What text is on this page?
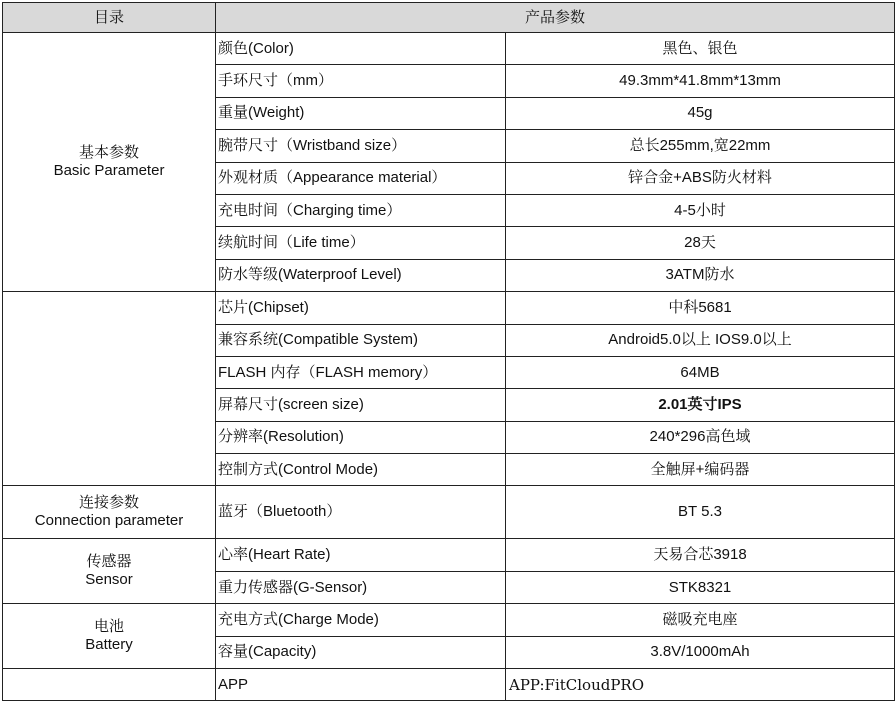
目录	产品参数	

基本参数
Basic Parameter	颜色(Color)	黑色、银色
	手环尺寸（mm）	49.3mm*41.8mm*13mm
	重量(Weight)	45g
	腕带尺寸（Wristband size）	总长255mm,宽22mm
	外观材质（Appearance material）	锌合金+ABS防火材料
	充电时间（Charging time）	4-5小时
	续航时间（Life time）	28天
	防水等级(Waterproof Level)	3ATM防水

	芯片(Chipset)	中科5681
	兼容系统(Compatible System)	Android5.0以上 IOS9.0以上
	FLASH 内存（FLASH memory）	64MB
	屏幕尺寸(screen size)	2.01英寸IPS
	分辨率(Resolution)	240*296高色域
	控制方式(Control Mode)	全触屏+编码器

连接参数
Connection parameter	蓝牙（Bluetooth）	BT 5.3

传感器
Sensor	心率(Heart Rate)	天易合芯3918
	重力传感器(G-Sensor)	STK8321

电池
Battery	充电方式(Charge Mode)	磁吸充电座
	容量(Capacity)	3.8V/1000mAh

	APP	APP:FitCloudPRO
